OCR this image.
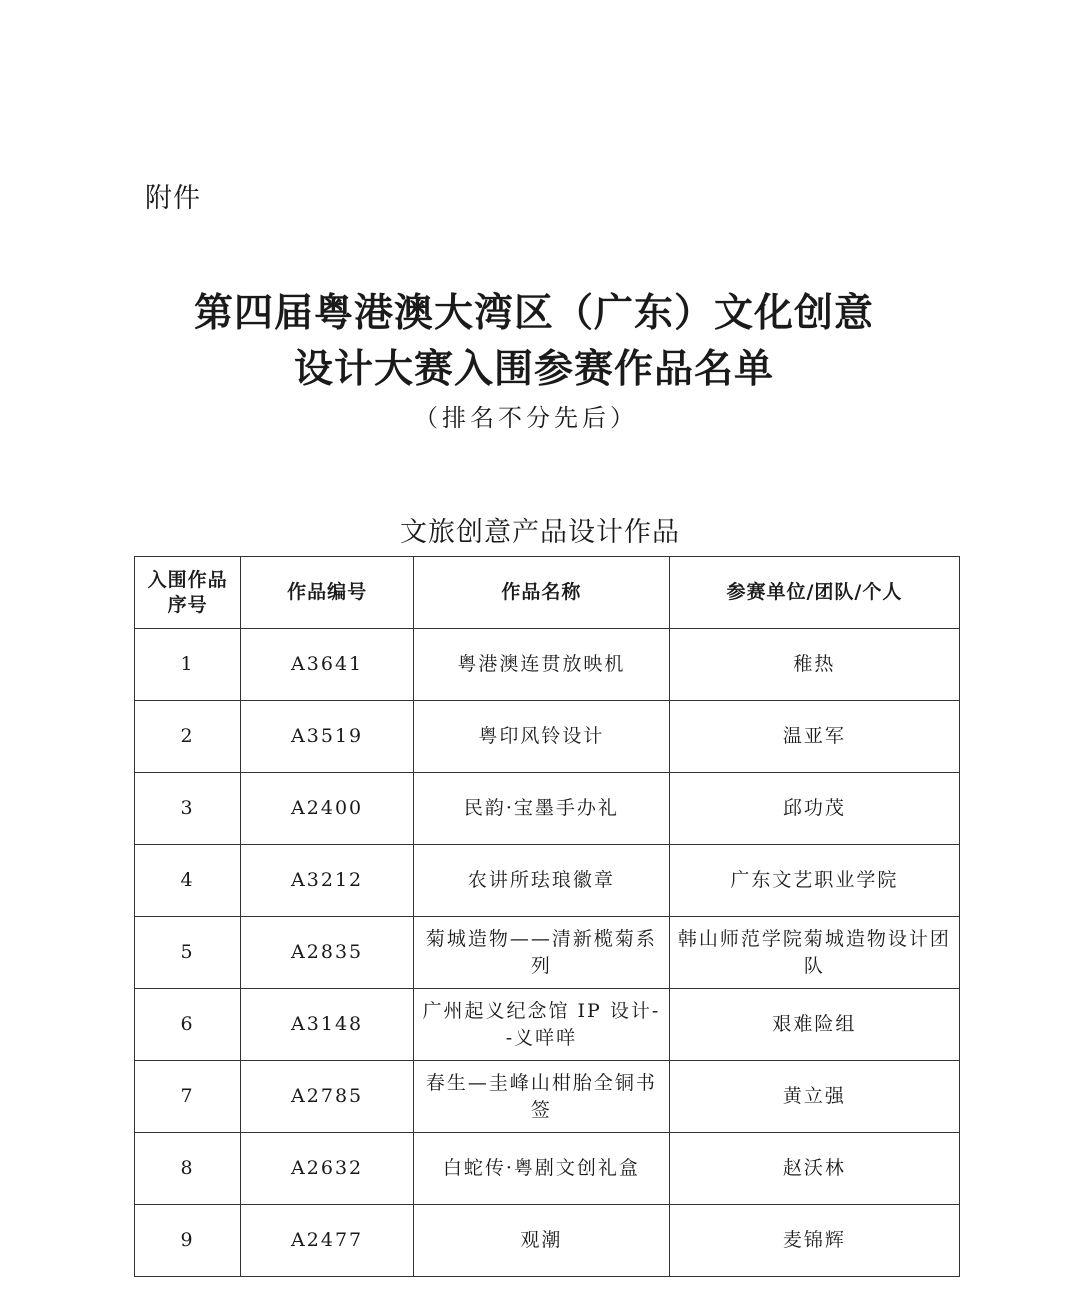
附件
第四届粤港澳大湾区（广东）文化创意
设计大赛入围参赛作品名单
（排名不分先后）
文旅创意产品设计作品
入围作品序号	作品编号	作品名称	参赛单位/团队/个人
1	A3641	粤港澳连贯放映机	稚热
2	A3519	粤印风铃设计	温亚军
3	A2400	民韵·宝墨手办礼	邱功茂
4	A3212	农讲所珐琅徽章	广东文艺职业学院
5	A2835	菊城造物——清新榄菊系列	韩山师范学院菊城造物设计团队
6	A3148	广州起义纪念馆 IP 设计--义咩咩	艰难险组
7	A2785	春生—圭峰山柑胎全铜书签	黄立强
8	A2632	白蛇传·粤剧文创礼盒	赵沃林
9	A2477	观潮	麦锦辉
